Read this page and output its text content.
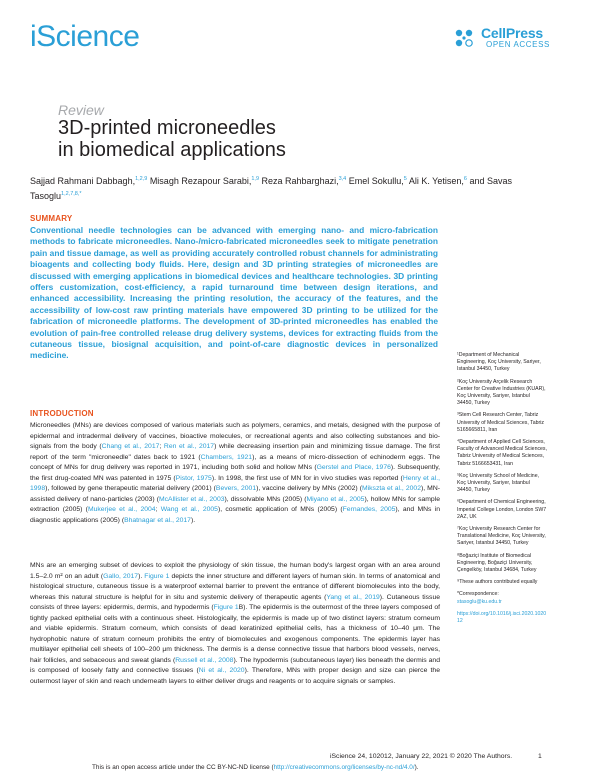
iScience	CellPress
OPEN ACCESS
Review
3D-printed microneedles
in biomedical applications
Sajjad Rahmani Dabbagh,$^{1,2,9}$ Misagh Rezapour Sarabi,$^{1,9}$ Reza Rahbarghazi,$^{3,4}$ Emel Sokullu,$^5$ Ali K. Yetisen,$^6$ and Savas Tasoglu$^{1,2,7,8,*}$
SUMMARY
Conventional needle technologies can be advanced with emerging nano- and micro-fabrication methods to fabricate microneedles. Nano-/micro-fabricated microneedles seek to mitigate penetration pain and tissue damage, as well as providing accurately controlled robust channels for administrating bioagents and collecting body fluids. Here, design and 3D printing strategies of microneedles are discussed with emerging applications in biomedical devices and healthcare technologies. 3D printing offers customization, cost-efficiency, a rapid turnaround time between design iterations, and enhanced accessibility. Increasing the printing resolution, the accuracy of the features, and the accessibility of low-cost raw printing materials have empowered 3D printing to be utilized for the fabrication of microneedle platforms. The development of 3D-printed microneedles has enabled the evolution of pain-free controlled release drug delivery systems, devices for extracting fluids from the cutaneous tissue, biosignal acquisition, and point-of-care diagnostic devices in personalized medicine.
INTRODUCTION
Microneedles (MNs) are devices composed of various materials such as polymers, ceramics, and metals, designed with the purpose of epidermal and intradermal delivery of vaccines, bioactive molecules, or recreational agents and also collecting substances and bio-signals from the body (Chang et al., 2017; Ren et al., 2017) while decreasing insertion pain and minimizing tissue damage. The first report of the term "microneedle" dates back to 1921 (Chambers, 1921), as a means of micro-dissection of echinoderm eggs. The concept of MNs for drug delivery was reported in 1971, including both solid and hollow MNs (Gerstel and Place, 1976). Subsequently, the first drug-coated MN was patented in 1975 (Pistor, 1975). In 1998, the first use of MN for in vivo studies was reported (Henry et al., 1998), followed by gene therapeutic material delivery (2001) (Bevers, 2001), vaccine delivery by MNs (2002) (Mikszta et al., 2002), MN-assisted delivery of nano-particles (2003) (McAllister et al., 2003), dissolvable MNs (2005) (Miyano et al., 2005), hollow MNs for sample extraction (2005) (Mukerjee et al., 2004; Wang et al., 2005), cosmetic application of MNs (2005) (Fernandes, 2005), and MNs in diagnostic applications (2005) (Bhatnagar et al., 2017).
MNs are an emerging subset of devices to exploit the physiology of skin tissue, the human body's largest organ with an area around 1.5–2.0 m² on an adult (Gallo, 2017). Figure 1 depicts the inner structure and different layers of human skin. In terms of anatomical and histological structure, cutaneous tissue is a waterproof external barrier to prevent the entrance of different biomolecules into the body, whereas this natural structure is helpful for in situ and systemic delivery of therapeutic agents (Yang et al., 2019). Cutaneous tissue consists of three layers: epidermis, dermis, and hypodermis (Figure 1B). The epidermis is the outermost of the three layers composed of tightly packed epithelial cells with a continuous sheet. Histologically, the epidermis is made up of two distinct layers: stratum corneum and viable epidermis. Stratum corneum, which consists of dead keratinized epithelial cells, has a thickness of 10–40 μm. The hydrophobic nature of stratum corneum prohibits the entry of biomolecules and exogenous components. The epidermis layer has multilayer epithelial cell sheets of 100–200 μm thickness. The dermis is a dense connective tissue that harbors blood vessels, nerves, hair follicles, and sebaceous and sweat glands (Russell et al., 2008). The hypodermis (subcutaneous layer) lies beneath the dermis and is composed of loosely fatty and connective tissues (Ni et al., 2020). Therefore, MNs with proper design and size can pierce the outermost layer of skin and reach underneath layers to either deliver drugs and reagents or to acquire signals or samples.
¹Department of Mechanical Engineering, Koç University, Sariyer, Istanbul 34450, Turkey
²Koç University Arçelik Research Center for Creative Industries (KUAR), Koç University, Sariyer, Istanbul 34450, Turkey
³Stem Cell Research Center, Tabriz University of Medical Sciences, Tabriz 5165665811, Iran
⁴Department of Applied Cell Sciences, Faculty of Advanced Medical Sciences, Tabriz University of Medical Sciences, Tabriz 5166653431, Iran
⁵Koç University School of Medicine, Koç University, Sariyer, Istanbul 34450, Turkey
⁶Department of Chemical Engineering, Imperial College London, London SW7 2AZ, UK
⁷Koç University Research Center for Translational Medicine, Koç University, Sariyer, Istanbul 34450, Turkey
⁸Boğaziçi Institute of Biomedical Engineering, Boğaziçi University, Çengelköy, Istanbul 34684, Turkey
⁹These authors contributed equally
*Correspondence:
stasoglu@ku.edu.tr
https://doi.org/10.1016/j.isci.2020.102012
iScience 24, 102012, January 22, 2021 © 2020 The Authors.	1
This is an open access article under the CC BY-NC-ND license (http://creativecommons.org/licenses/by-nc-nd/4.0/).
